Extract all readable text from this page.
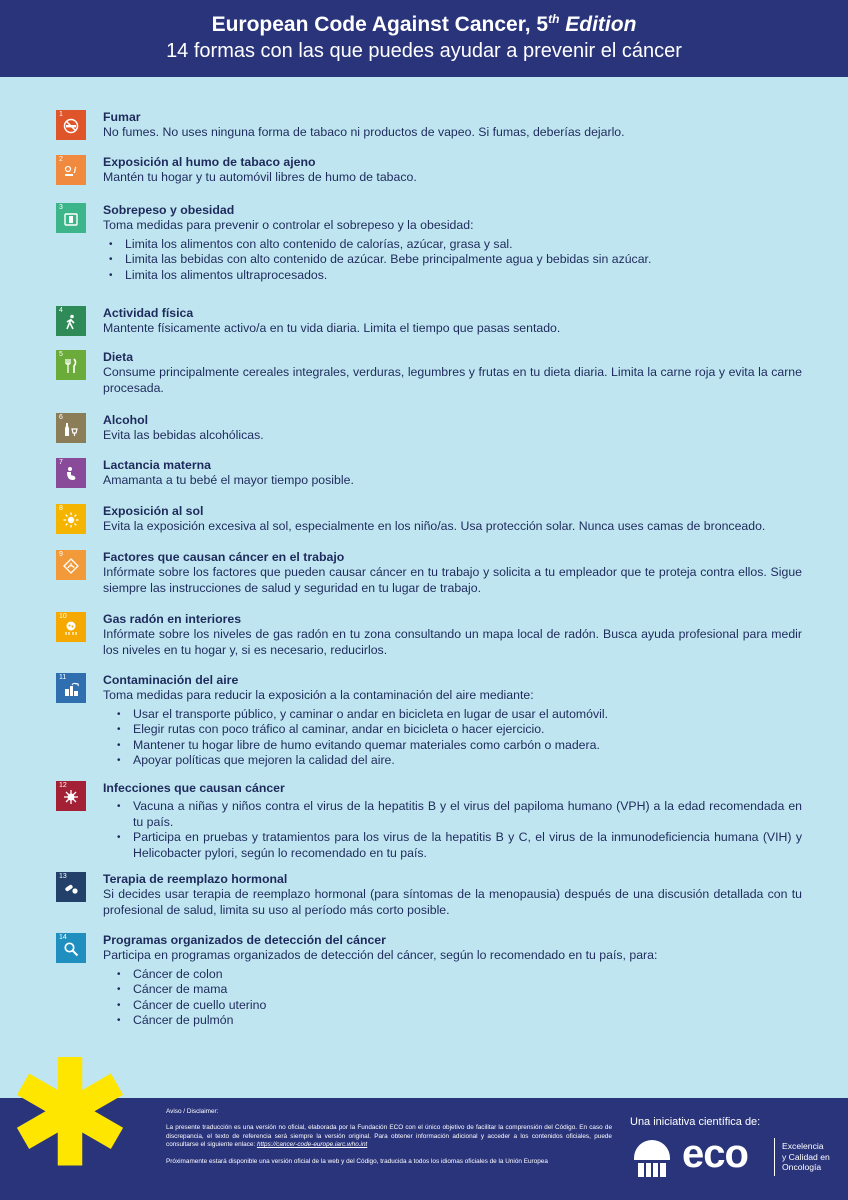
European Code Against Cancer, 5th Edition
14 formas con las que puedes ayudar a prevenir el cáncer
1	Fumar
No fumes. No uses ninguna forma de tabaco ni productos de vapeo. Si fumas, deberías dejarlo.
2	Exposición al humo de tabaco ajeno
Mantén tu hogar y tu automóvil libres de humo de tabaco.
3	Sobrepeso y obesidad
Toma medidas para prevenir o controlar el sobrepeso y la obesidad:
• Limita los alimentos con alto contenido de calorías, azúcar, grasa y sal.
• Limita las bebidas con alto contenido de azúcar. Bebe principalmente agua y bebidas sin azúcar.
• Limita los alimentos ultraprocesados.
4	Actividad física
Mantente físicamente activo/a en tu vida diaria. Limita el tiempo que pasas sentado.
5	Dieta
Consume principalmente cereales integrales, verduras, legumbres y frutas en tu dieta diaria. Limita la carne roja y evita la carne procesada.
6	Alcohol
Evita las bebidas alcohólicas.
7	Lactancia materna
Amamanta a tu bebé el mayor tiempo posible.
8	Exposición al sol
Evita la exposición excesiva al sol, especialmente en los niño/as. Usa protección solar. Nunca uses camas de bronceado.
9	Factores que causan cáncer en el trabajo
Infórmate sobre los factores que pueden causar cáncer en tu trabajo y solicita a tu empleador que te proteja contra ellos. Sigue siempre las instrucciones de salud y seguridad en tu lugar de trabajo.
10	Gas radón en interiores
Infórmate sobre los niveles de gas radón en tu zona consultando un mapa local de radón. Busca ayuda profesional para medir los niveles en tu hogar y, si es necesario, reducirlos.
11	Contaminación del aire
Toma medidas para reducir la exposición a la contaminación del aire mediante:
• Usar el transporte público, y caminar o andar en bicicleta en lugar de usar el automóvil.
• Elegir rutas con poco tráfico al caminar, andar en bicicleta o hacer ejercicio.
• Mantener tu hogar libre de humo evitando quemar materiales como carbón o madera.
• Apoyar políticas que mejoren la calidad del aire.
12	Infecciones que causan cáncer
• Vacuna a niñas y niños contra el virus de la hepatitis B y el virus del papiloma humano (VPH) a la edad recomendada en tu país.
• Participa en pruebas y tratamientos para los virus de la hepatitis B y C, el virus de la inmunodeficiencia humana (VIH) y Helicobacter pylori, según lo recomendado en tu país.
13	Terapia de reemplazo hormonal
Si decides usar terapia de reemplazo hormonal (para síntomas de la menopausia) después de una discusión detallada con tu profesional de salud, limita su uso al período más corto posible.
14	Programas organizados de detección del cáncer
Participa en programas organizados de detección del cáncer, según lo recomendado en tu país, para:
• Cáncer de colon
• Cáncer de mama
• Cáncer de cuello uterino
• Cáncer de pulmón

Aviso / Disclaimer:

La presente traducción es una versión no oficial, elaborada por la Fundación ECO con el único objetivo de facilitar la comprensión del Código. En caso de discrepancia, el texto de referencia será siempre la versión original. Para obtener información adicional y acceder a los contenidos oficiales, puede consultarse el siguiente enlace: https://cancer-code-europe.iarc.who.int

Próximamente estará disponible una versión oficial de la web y del Código, traducida a todos los idiomas oficiales de la Unión Europea

Una iniciativa científica de:
eco	Excelencia
y Calidad en
Oncología
